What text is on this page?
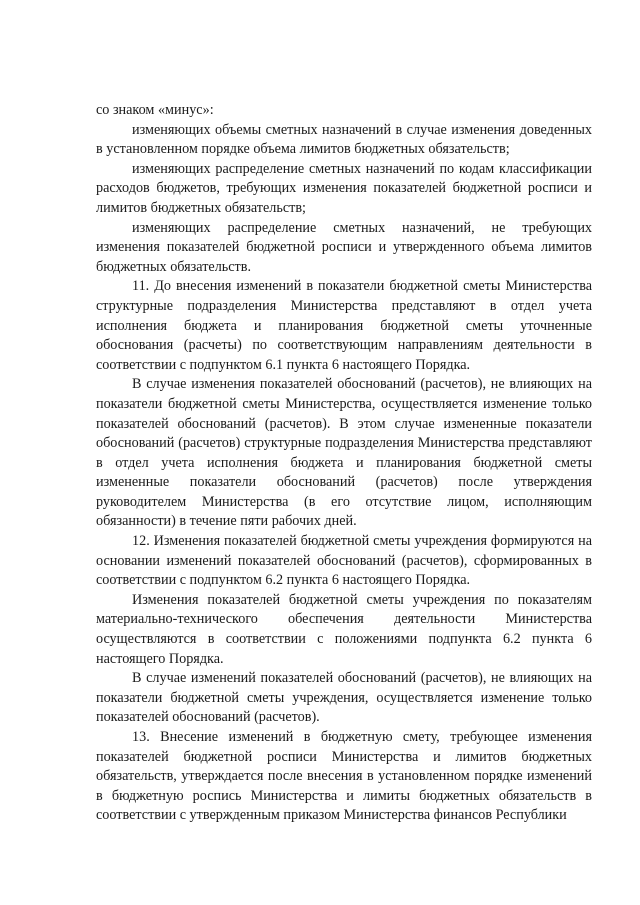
со знаком «минус»:

изменяющих объемы сметных назначений в случае изменения доведенных в установленном порядке объема лимитов бюджетных обязательств;

изменяющих распределение сметных назначений по кодам классификации расходов бюджетов, требующих изменения показателей бюджетной росписи и лимитов бюджетных обязательств;

изменяющих распределение сметных назначений, не требующих изменения показателей бюджетной росписи и утвержденного объема лимитов бюджетных обязательств.

11. До внесения изменений в показатели бюджетной сметы Министерства структурные подразделения Министерства представляют в отдел учета исполнения бюджета и планирования бюджетной сметы уточненные обоснования (расчеты) по соответствующим направлениям деятельности в соответствии с подпунктом 6.1 пункта 6 настоящего Порядка.

В случае изменения показателей обоснований (расчетов), не влияющих на показатели бюджетной сметы Министерства, осуществляется изменение только показателей обоснований (расчетов). В этом случае измененные показатели обоснований (расчетов) структурные подразделения Министерства представляют в отдел учета исполнения бюджета и планирования бюджетной сметы измененные показатели обоснований (расчетов) после утверждения руководителем Министерства (в его отсутствие лицом, исполняющим обязанности) в течение пяти рабочих дней.

12. Изменения показателей бюджетной сметы учреждения формируются на основании изменений показателей обоснований (расчетов), сформированных в соответствии с подпунктом 6.2 пункта 6 настоящего Порядка.

Изменения показателей бюджетной сметы учреждения по показателям материально-технического обеспечения деятельности Министерства осуществляются в соответствии с положениями подпункта 6.2 пункта 6 настоящего Порядка.

В случае изменений показателей обоснований (расчетов), не влияющих на показатели бюджетной сметы учреждения, осуществляется изменение только показателей обоснований (расчетов).

13. Внесение изменений в бюджетную смету, требующее изменения показателей бюджетной росписи Министерства и лимитов бюджетных обязательств, утверждается после внесения в установленном порядке изменений в бюджетную роспись Министерства и лимиты бюджетных обязательств в соответствии с утвержденным приказом Министерства финансов Республики
